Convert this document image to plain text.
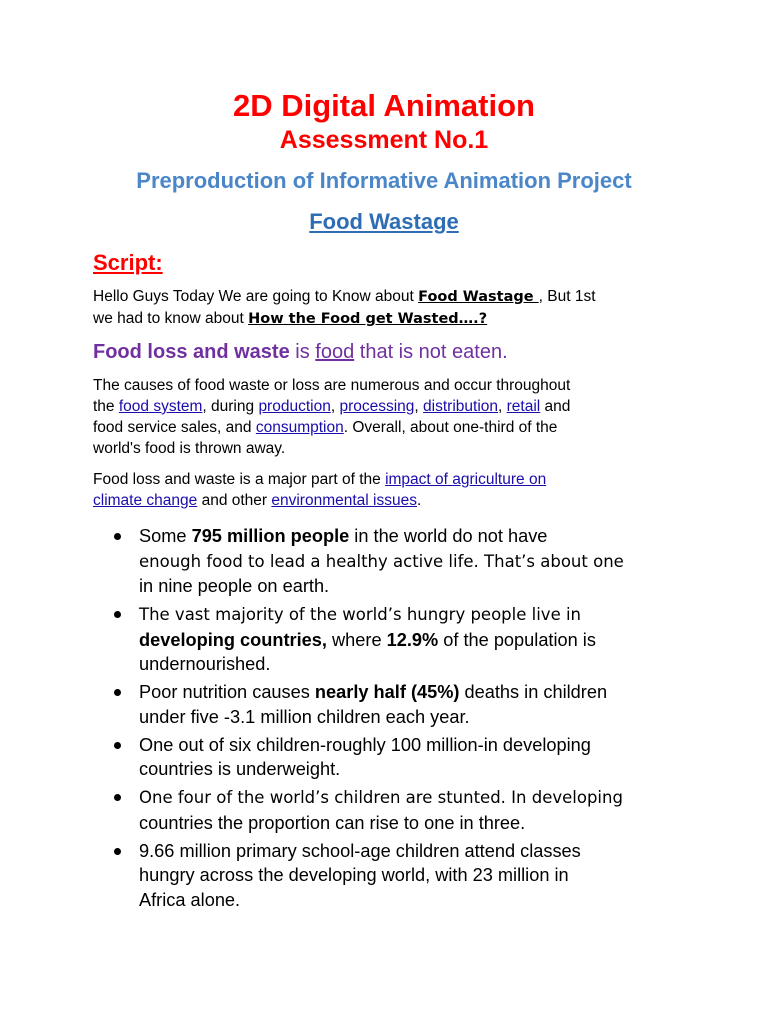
2D Digital Animation
Assessment No.1
Preproduction of Informative Animation Project
Food Wastage
Script:
Hello Guys Today We are going to Know about Food Wastage , But 1st
we had to know about How the Food get Wasted….?
Food loss and waste is food that is not eaten.
The causes of food waste or loss are numerous and occur throughout
the food system, during production, processing, distribution, retail and
food service sales, and consumption. Overall, about one-third of the
world's food is thrown away.
Food loss and waste is a major part of the impact of agriculture on
climate change and other environmental issues.
Some 795 million people in the world do not have
enough food to lead a healthy active life. That’s about one
in nine people on earth.
The vast majority of the world’s hungry people live in
developing countries, where 12.9% of the population is
undernourished.
Poor nutrition causes nearly half (45%) deaths in children
under five -3.1 million children each year.
One out of six children-roughly 100 million-in developing
countries is underweight.
One four of the world’s children are stunted. In developing
countries the proportion can rise to one in three.
9.66 million primary school-age children attend classes
hungry across the developing world, with 23 million in
Africa alone.
